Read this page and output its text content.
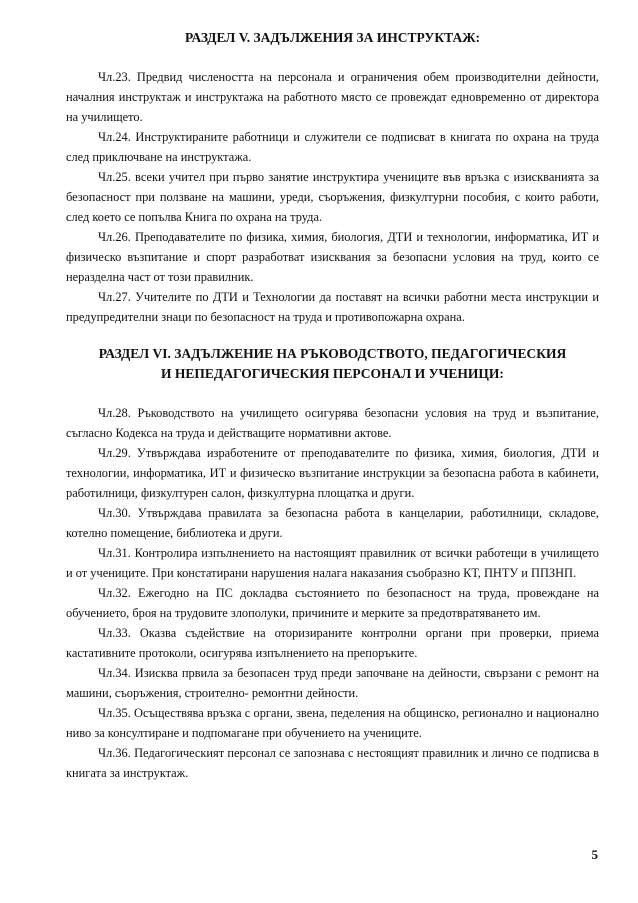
РАЗДЕЛ V. ЗАДЪЛЖЕНИЯ ЗА ИНСТРУКТАЖ:

Чл.23. Предвид числеността на персонала и ограничения обем производителни дейности, началния инструктаж и инструктажа на работното място се провеждат едновременно от директора на училището.

Чл.24. Инструктираните работници и служители се подписват в книгата по охрана на труда след приключване на инструктажа.

Чл.25. всеки учител при първо занятие инструктира учениците във връзка с изискванията за безопасност при ползване на машини, уреди, съоръжения, физкултурни пособия, с които работи, след което се попълва Книга по охрана на труда.

Чл.26. Преподавателите по физика, химия, биология, ДТИ и технологии, информатика, ИТ и физическо възпитание и спорт разработват изисквания за безопасни условия на труд, които се неразделна част от този правилник.

Чл.27. Учителите по ДТИ и Технологии да поставят на всички работни места инструкции и предупредителни знаци по безопасност на труда и противопожарна охрана.

РАЗДЕЛ VI. ЗАДЪЛЖЕНИЕ НА РЪКОВОДСТВОТО, ПЕДАГОГИЧЕСКИЯ
И НЕПЕДАГОГИЧЕСКИЯ ПЕРСОНАЛ И УЧЕНИЦИ:

Чл.28. Ръководството на училището осигурява безопасни условия на труд и възпитание, съгласно Кодекса на труда и действащите нормативни актове.

Чл.29. Утвърждава изработените от преподавателите по физика, химия, биология, ДТИ и технологии, информатика, ИТ и физическо възпитание инструкции за безопасна работа в кабинети, работилници, физкултурен салон, физкултурна площатка и други.

Чл.30. Утвърждава правилата за безопасна работа в канцеларии, работилници, складове, котелно помещение, библиотека и други.

Чл.31. Контролира изпълнението на настоящият правилник от всички работещи в училището и от учениците. При констатирани нарушения налага наказания съобразно КТ, ПНТУ и ППЗНП.

Чл.32. Ежегодно на ПС докладва състоянието по безопасност на труда, провеждане на обучението, броя на трудовите злополуки, причините и мерките за предотвратяването им.

Чл.33. Оказва съдействие на оторизираните контролни органи при проверки, приема кастативните протоколи, осигурява изпълнението на препоръките.

Чл.34. Изисква првила за безопасен труд преди започване на дейности, свързани с ремонт на машини, съоръжения, строително- ремонтни дейности.

Чл.35. Осъществява връзка с органи, звена, педеления на общинско, регионално и национално ниво за консултиране и подпомагане при обучението на учениците.

Чл.36. Педагогическият персонал се запознава с нестоящият правилник и лично се подписва в книгата за инструктаж.

5
